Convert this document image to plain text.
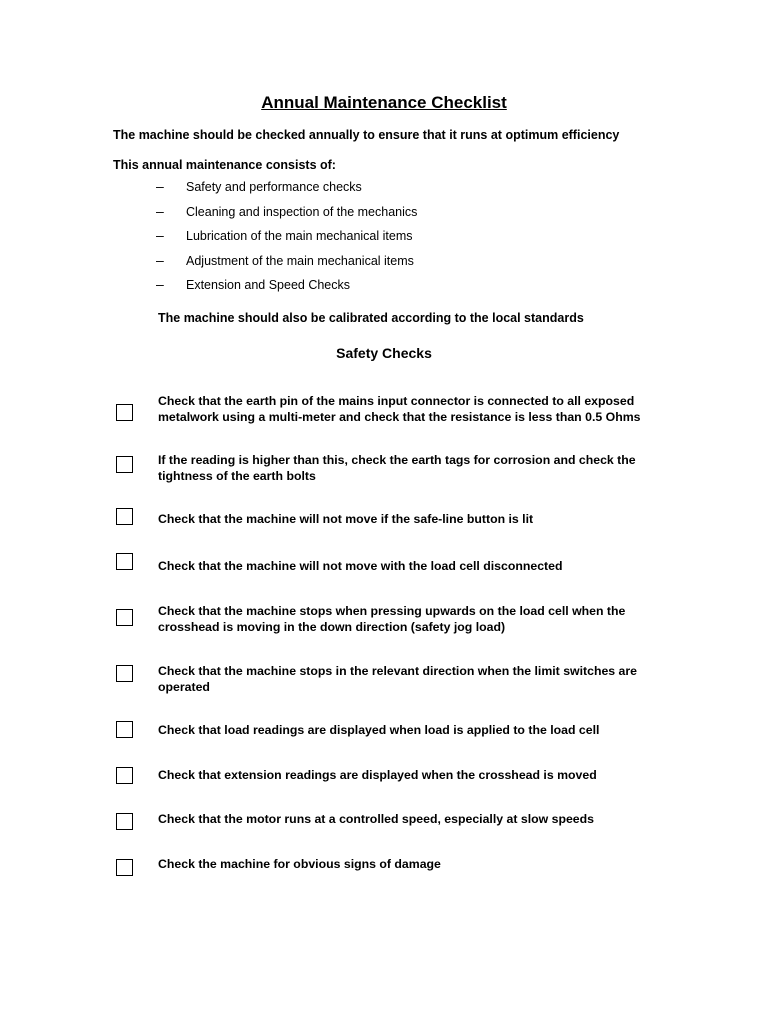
Annual Maintenance Checklist
The machine should be checked annually to ensure that it runs at optimum efficiency
This annual maintenance consists of:
–	Safety and performance checks
–	Cleaning and inspection of the mechanics
–	Lubrication of the main mechanical items
–	Adjustment of the main mechanical items
–	Extension and Speed Checks
The machine should also be calibrated according to the local standards
Safety Checks
Check that the earth pin of the mains input connector is connected to all exposed metalwork using a multi-meter and check that the resistance is less than 0.5 Ohms
If the reading is higher than this, check the earth tags for corrosion and check the tightness of the earth bolts
Check that the machine will not move if the safe-line button is lit
Check that the machine will not move with the load cell disconnected
Check that the machine stops when pressing upwards on the load cell when the crosshead is moving in the down direction (safety jog load)
Check that the machine stops in the relevant direction when the limit switches are operated
Check that load readings are displayed when load is applied to the load cell
Check that extension readings are displayed when the crosshead is moved
Check that the motor runs at a controlled speed, especially at slow speeds
Check the machine for obvious signs of damage
